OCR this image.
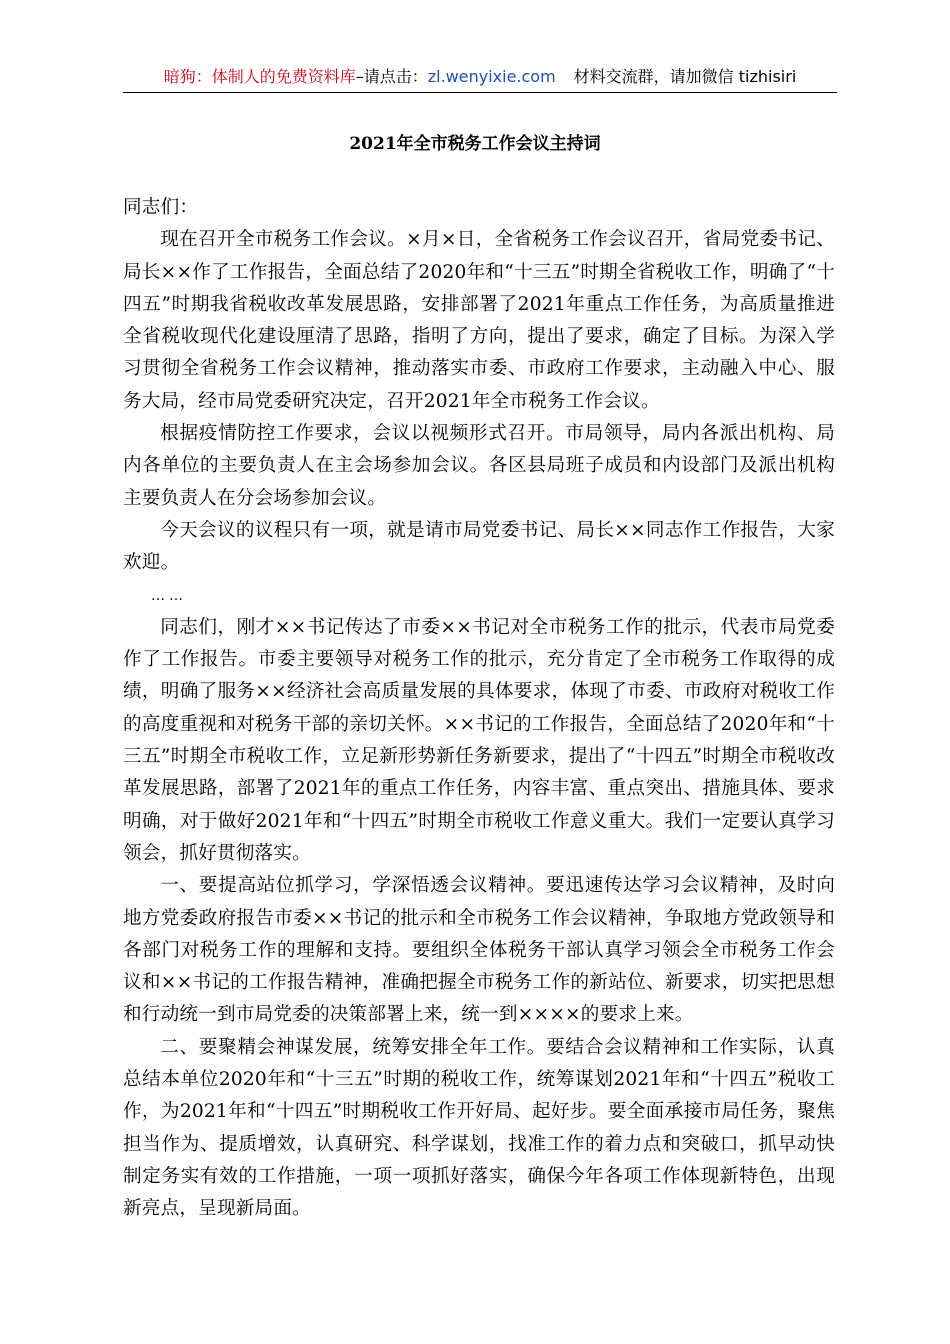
暗狗：体制人的免费资料库–请点击：zl.wenyixie.com 材料交流群，请加微信 tizhisiri
2021年全市税务工作会议主持词

同志们：

现在召开全市税务工作会议。×月×日，全省税务工作会议召开，省局党委书记、局长××作了工作报告，全面总结了2020年和“十三五”时期全省税收工作，明确了“十四五”时期我省税收改革发展思路，安排部署了2021年重点工作任务，为高质量推进全省税收现代化建设厘清了思路，指明了方向，提出了要求，确定了目标。为深入学习贯彻全省税务工作会议精神，推动落实市委、市政府工作要求，主动融入中心、服务大局，经市局党委研究决定，召开2021年全市税务工作会议。

根据疫情防控工作要求，会议以视频形式召开。市局领导，局内各派出机构、局内各单位的主要负责人在主会场参加会议。各区县局班子成员和内设部门及派出机构主要负责人在分会场参加会议。

今天会议的议程只有一项，就是请市局党委书记、局长××同志作工作报告，大家欢迎。

……

同志们，刚才××书记传达了市委××书记对全市税务工作的批示，代表市局党委作了工作报告。市委主要领导对税务工作的批示，充分肯定了全市税务工作取得的成绩，明确了服务××经济社会高质量发展的具体要求，体现了市委、市政府对税收工作的高度重视和对税务干部的亲切关怀。××书记的工作报告，全面总结了2020年和“十三五”时期全市税收工作，立足新形势新任务新要求，提出了“十四五”时期全市税收改革发展思路，部署了2021年的重点工作任务，内容丰富、重点突出、措施具体、要求明确，对于做好2021年和“十四五”时期全市税收工作意义重大。我们一定要认真学习领会，抓好贯彻落实。

一、要提高站位抓学习，学深悟透会议精神。要迅速传达学习会议精神，及时向地方党委政府报告市委××书记的批示和全市税务工作会议精神，争取地方党政领导和各部门对税务工作的理解和支持。要组织全体税务干部认真学习领会全市税务工作会议和××书记的工作报告精神，准确把握全市税务工作的新站位、新要求，切实把思想和行动统一到市局党委的决策部署上来，统一到××××的要求上来。

二、要聚精会神谋发展，统筹安排全年工作。要结合会议精神和工作实际，认真总结本单位2020年和“十三五”时期的税收工作，统筹谋划2021年和“十四五”税收工作，为2021年和“十四五”时期税收工作开好局、起好步。要全面承接市局任务，聚焦担当作为、提质增效，认真研究、科学谋划，找准工作的着力点和突破口，抓早动快制定务实有效的工作措施，一项一项抓好落实，确保今年各项工作体现新特色，出现新亮点，呈现新局面。
